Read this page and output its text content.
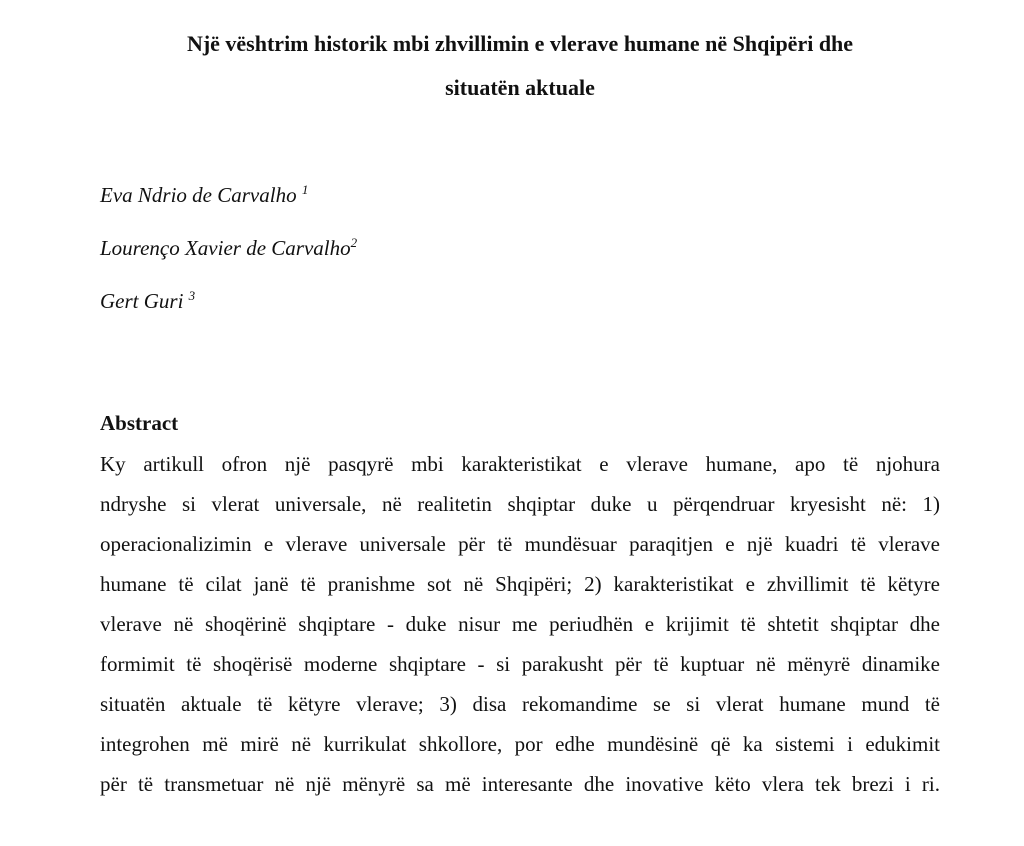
Një vështrim historik mbi zhvillimin e vlerave humane në Shqipëri dhe
situatën aktuale
Eva Ndrio de Carvalho $^1$
Lourenço Xavier de Carvalho$^2$
Gert Guri $^3$
Abstract
Ky artikull ofron një pasqyrë mbi karakteristikat e vlerave humane, apo të njohura
ndryshe si vlerat universale, në realitetin shqiptar duke u përqendruar kryesisht në: 1)
operacionalizimin e vlerave universale për të mundësuar paraqitjen e një kuadri të vlerave
humane të cilat janë të pranishme sot në Shqipëri; 2) karakteristikat e zhvillimit të këtyre
vlerave në shoqërinë shqiptare - duke nisur me periudhën e krijimit të shtetit shqiptar dhe
formimit të shoqërisë moderne shqiptare - si parakusht për të kuptuar në mënyrë dinamike
situatën aktuale të këtyre vlerave; 3) disa rekomandime se si vlerat humane mund të
integrohen më mirë në kurrikulat shkollore, por edhe mundësinë që ka sistemi i edukimit
për të transmetuar në një mënyrë sa më interesante dhe inovative këto vlera tek brezi i ri.
